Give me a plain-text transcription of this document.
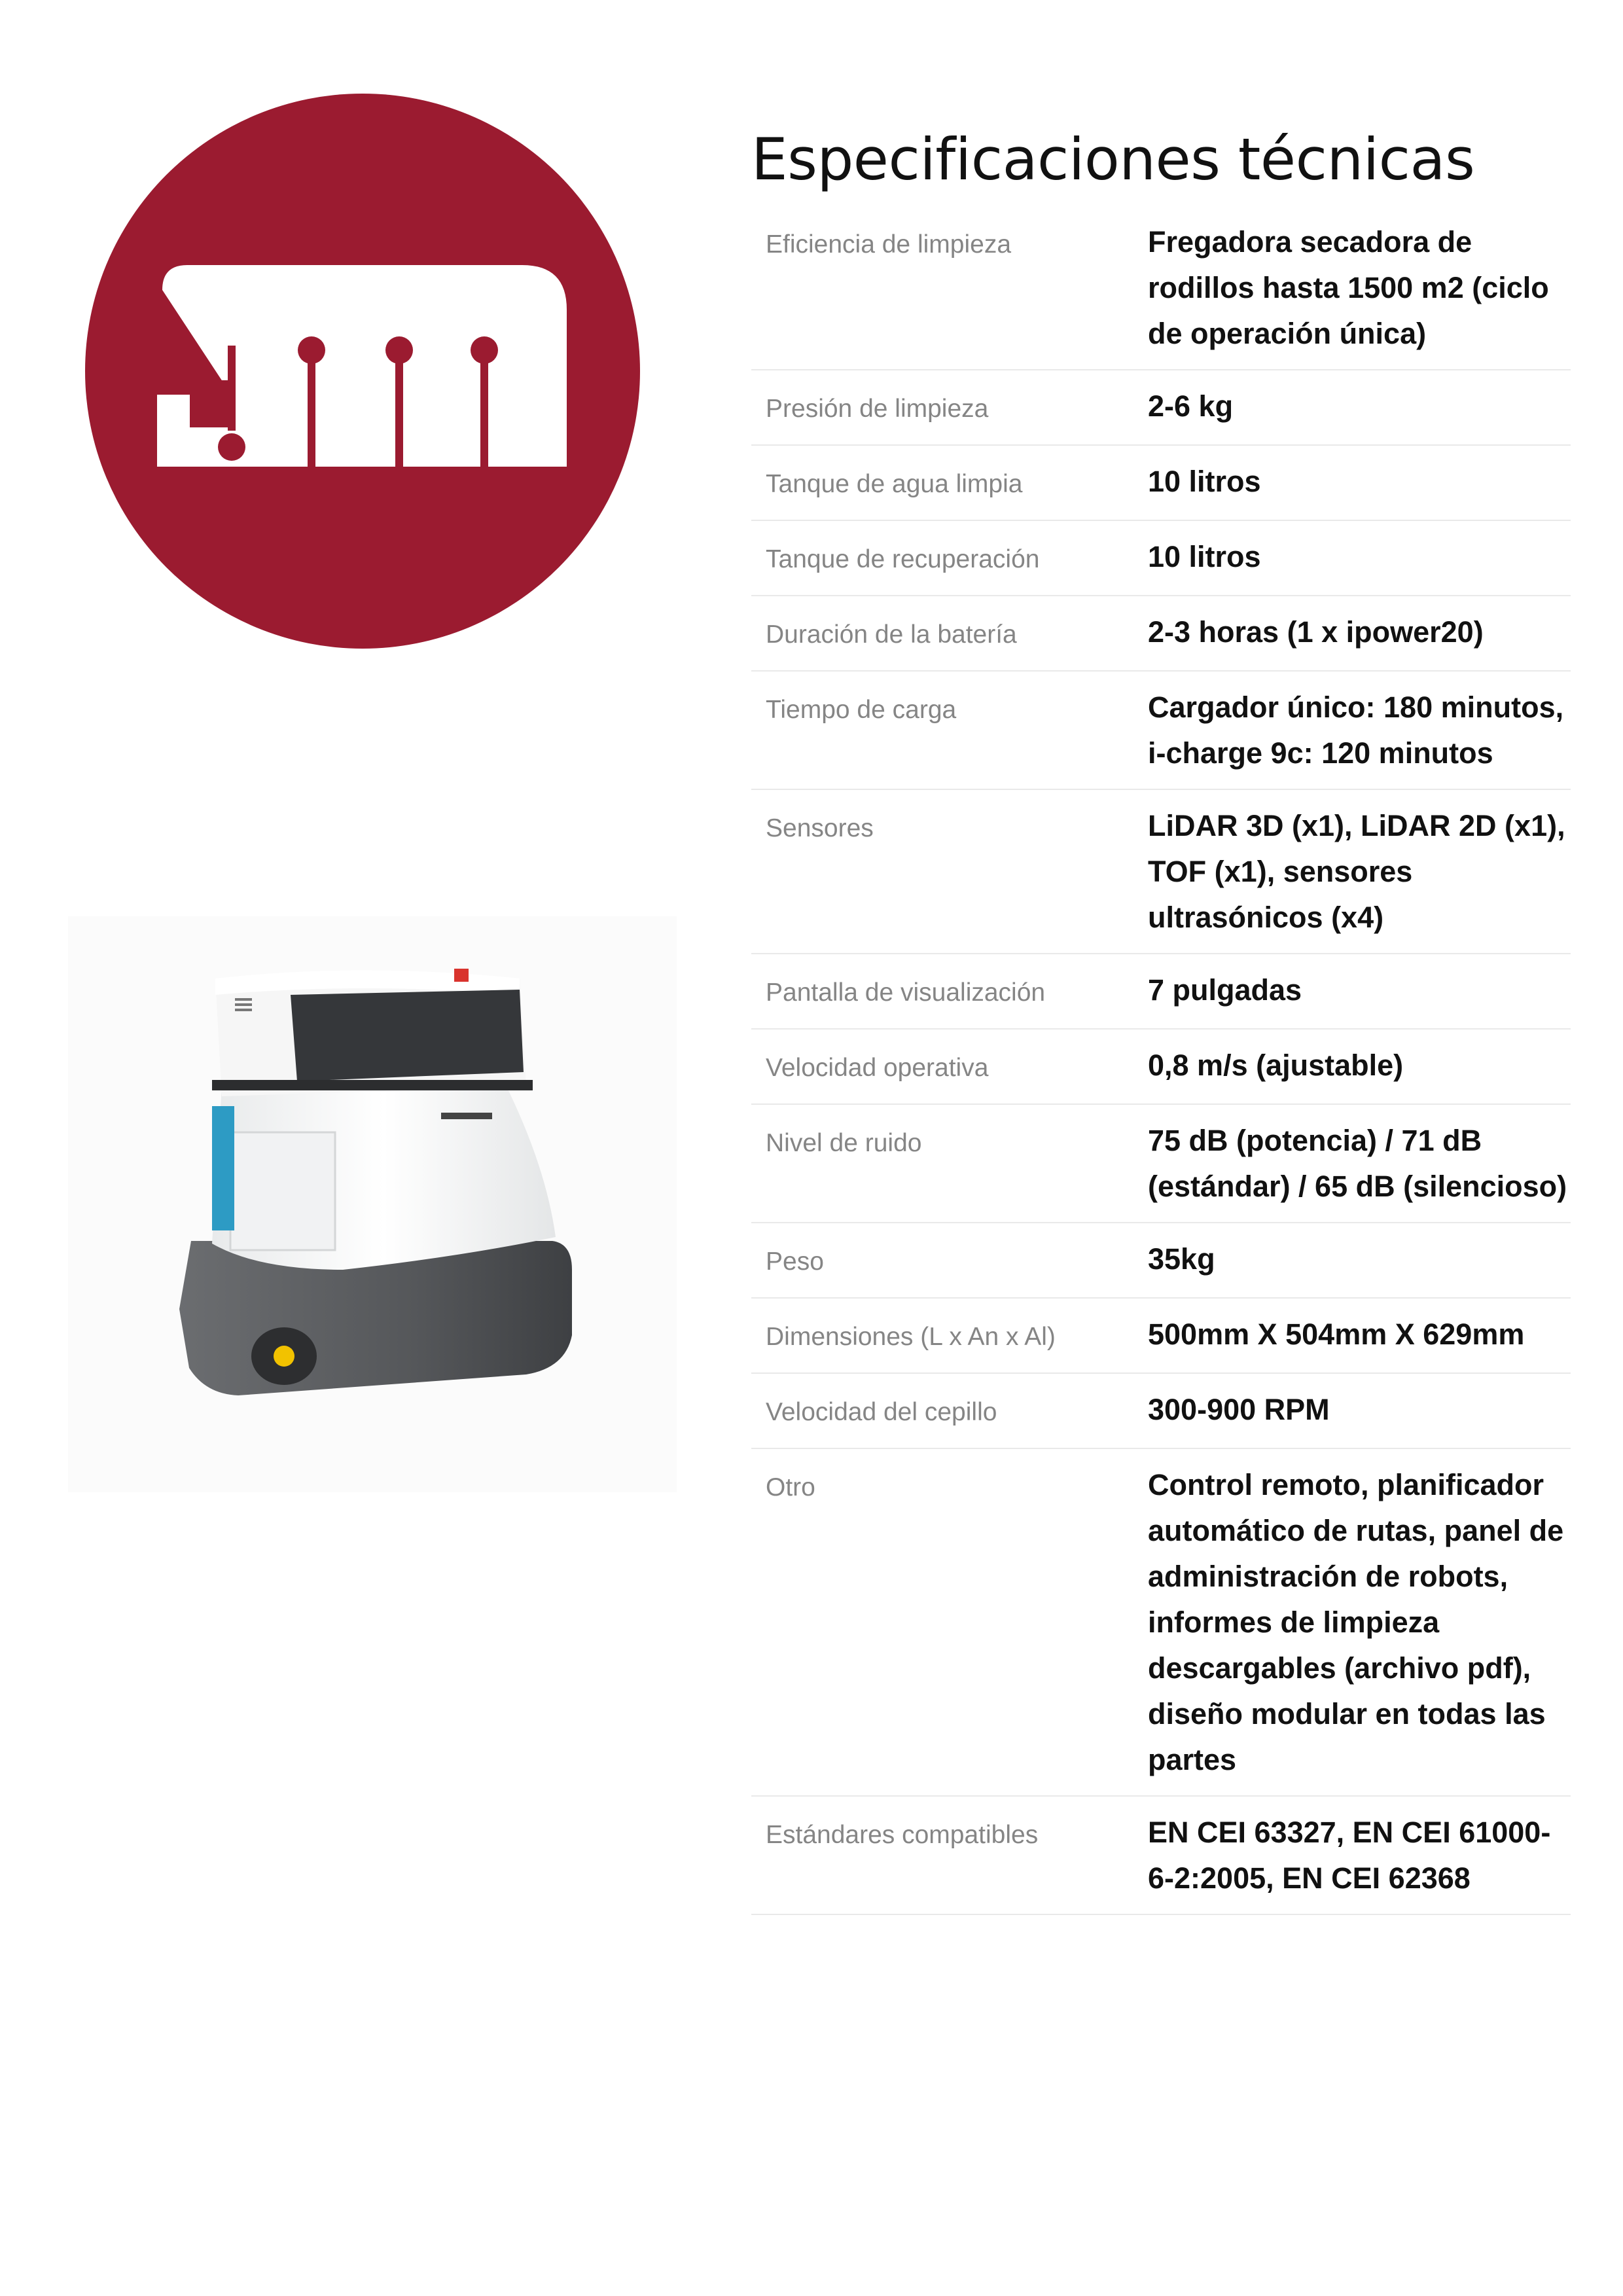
Especificaciones técnicas
Eficiencia de limpieza	Fregadora secadora de rodillos hasta 1500 m2 (ciclo de operación única)
Presión de limpieza	2-6 kg
Tanque de agua limpia	10 litros
Tanque de recuperación	10 litros
Duración de la batería	2-3 horas (1 x ipower20)
Tiempo de carga	Cargador único: 180 minutos, i-charge 9c: 120 minutos
Sensores	LiDAR 3D (x1), LiDAR 2D (x1), TOF (x1), sensores ultrasónicos (x4)
Pantalla de visualización	7 pulgadas
Velocidad operativa	0,8 m/s (ajustable)
Nivel de ruido	75 dB (potencia) / 71 dB (estándar) / 65 dB (silencioso)
Peso	35kg
Dimensiones (L x An x Al)	500mm X 504mm X 629mm
Velocidad del cepillo	300-900 RPM
Otro	Control remoto, planificador automático de rutas, panel de administración de robots, informes de limpieza descargables (archivo pdf), diseño modular en todas las partes
Estándares compatibles	EN CEI 63327, EN CEI 61000-6-2:2005, EN CEI 62368
